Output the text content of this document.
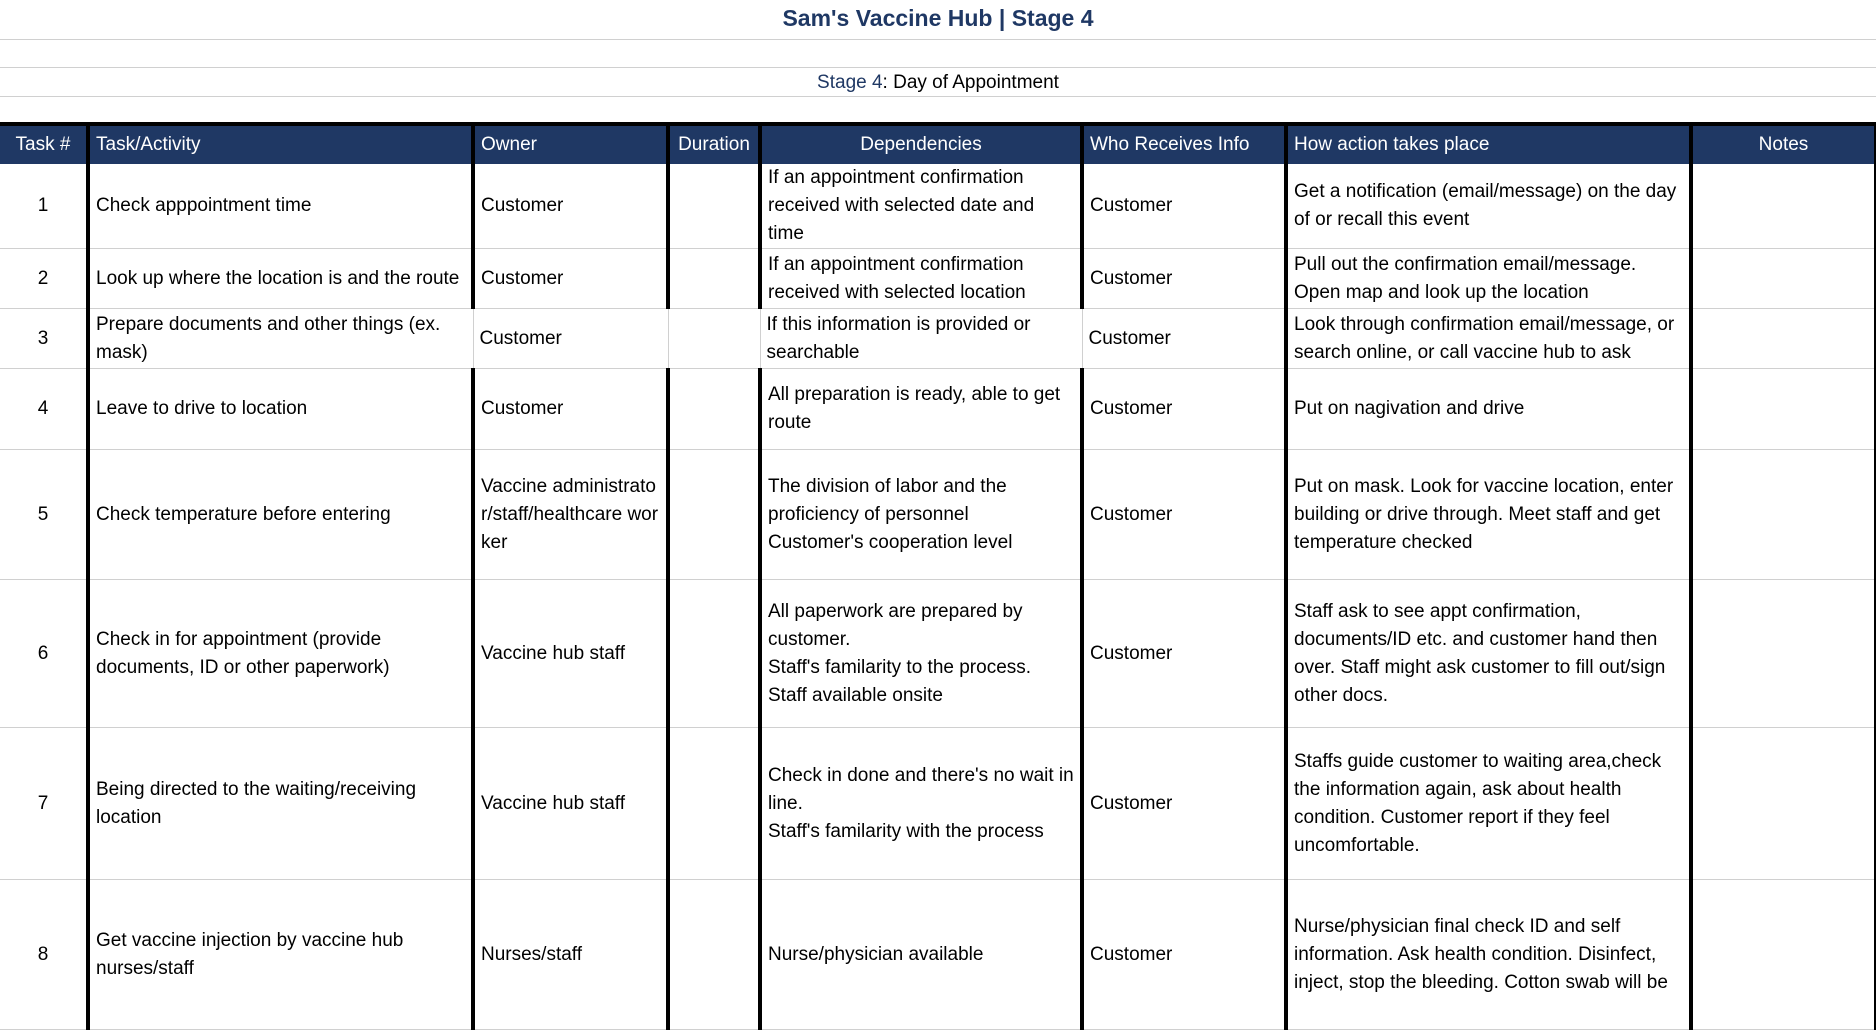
Sam's Vaccine Hub | Stage 4
Stage 4: Day of Appointment
Task #	Task/Activity	Owner	Duration	Dependencies	Who Receives Info	How action takes place	Notes
1	Check apppointment time	Customer		If an appointment confirmation received with selected date and time	Customer	Get a notification (email/message) on the day of or recall this event	
2	Look up where the location is and the route	Customer		If an appointment confirmation received with selected location	Customer	Pull out the confirmation email/message. Open map and look up the location	
3	Prepare documents and other things (ex. mask)	Customer		If this information is provided or searchable	Customer	Look through confirmation email/message, or search online, or call vaccine hub to ask	
4	Leave to drive to location	Customer		All preparation is ready, able to get route	Customer	Put on nagivation and drive	
5	Check temperature before entering	Vaccine administrator/staff/healthcare worker		The division of labor and the proficiency of personnel
Customer's cooperation level	Customer	Put on mask. Look for vaccine location, enter building or drive through. Meet staff and get temperature checked	
6	Check in for appointment (provide documents, ID or other paperwork)	Vaccine hub staff		All paperwork are prepared by customer.
Staff's familarity to the process.
Staff available onsite	Customer	Staff ask to see appt confirmation, documents/ID etc. and customer hand then over. Staff might ask customer to fill out/sign other docs.	
7	Being directed to the waiting/receiving location	Vaccine hub staff		Check in done and there's no wait in line.
Staff's familarity with the process	Customer	Staffs guide customer to waiting area,check the information again, ask about health condition. Customer report if they feel uncomfortable.	
8	Get vaccine injection by vaccine hub nurses/staff	Nurses/staff		Nurse/physician available	Customer	Nurse/physician final check ID and self information. Ask health condition. Disinfect, inject, stop the bleeding. Cotton swab will be	
